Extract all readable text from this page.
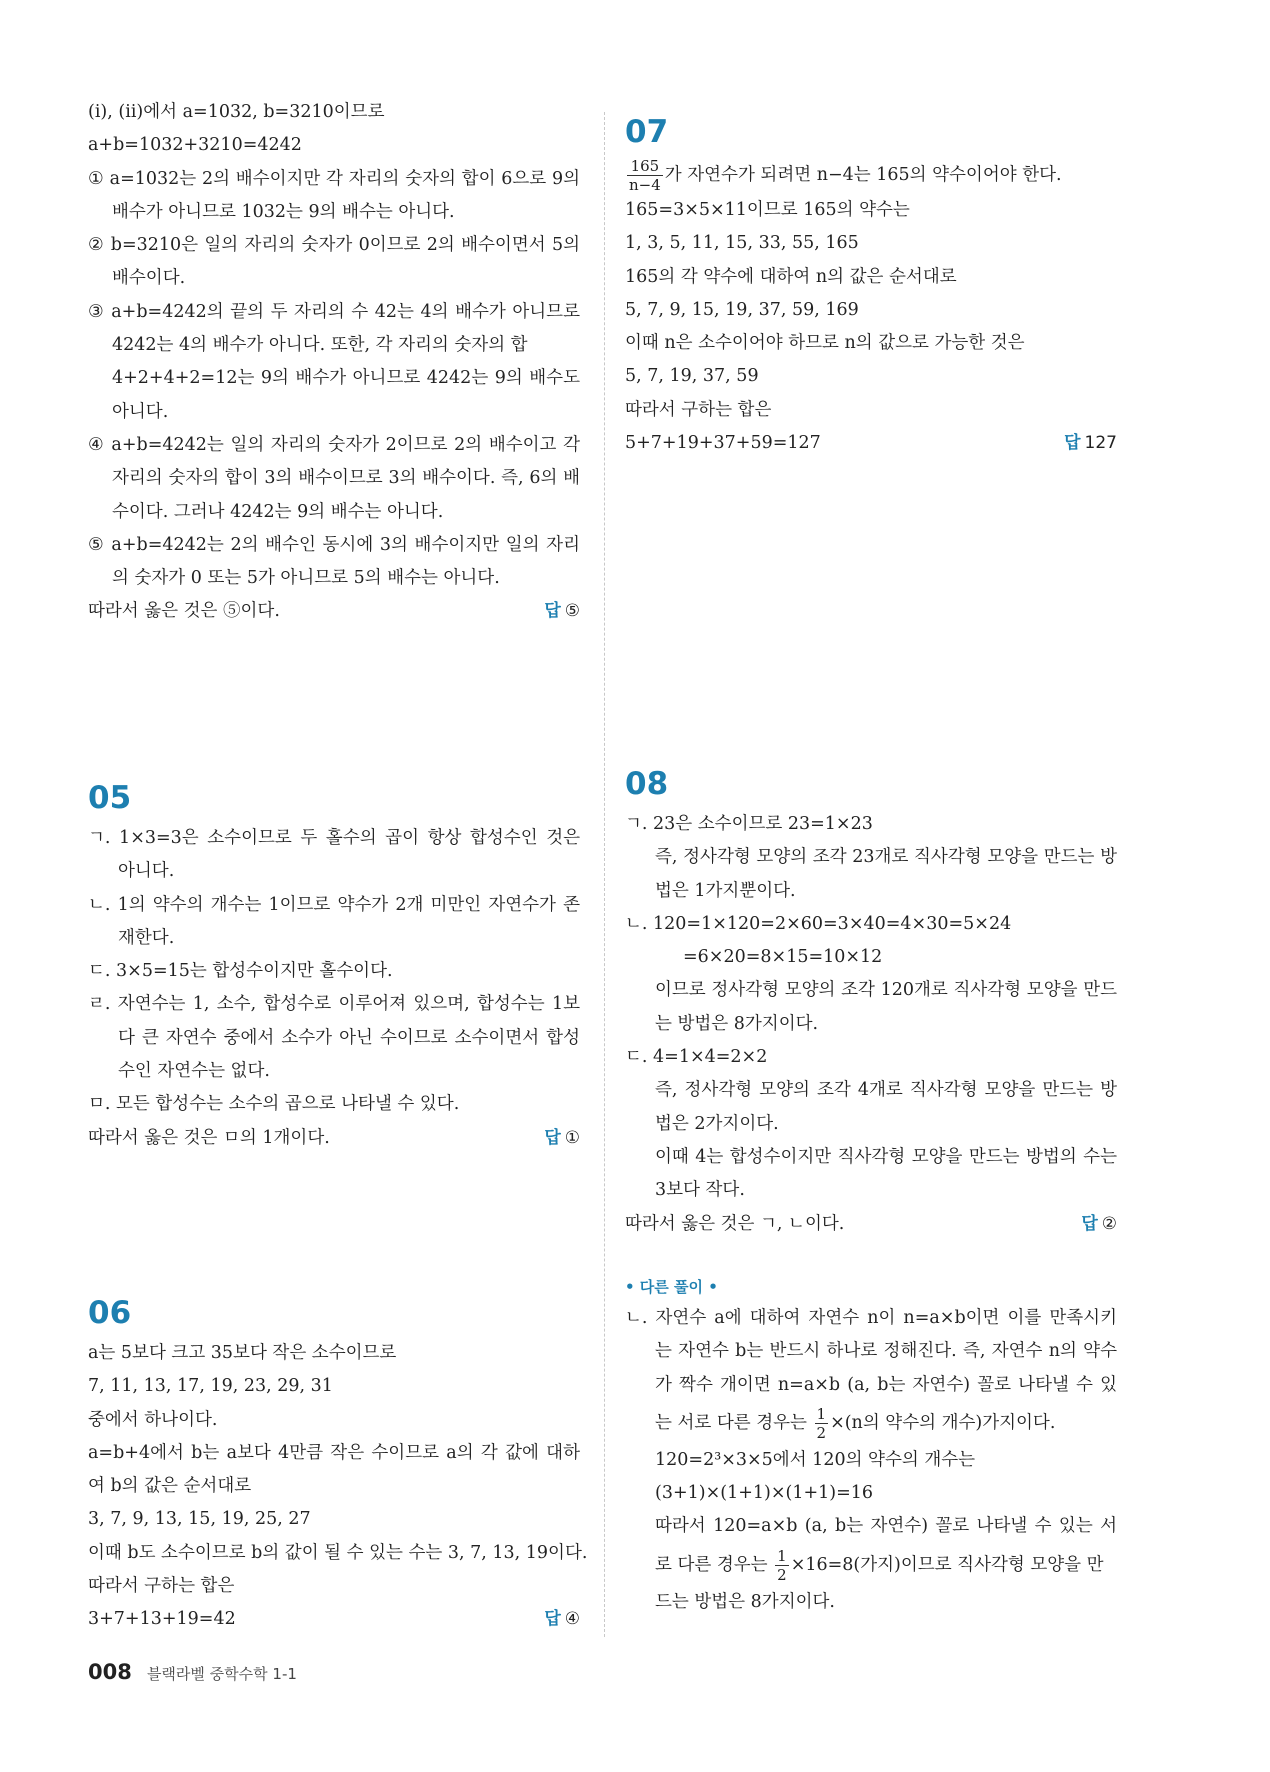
(ⅰ), (ⅱ)에서 a=1032, b=3210이므로
a+b=1032+3210=4242
① a=1032는 2의 배수이지만 각 자리의 숫자의 합이 6으로 9의
배수가 아니므로 1032는 9의 배수는 아니다.
② b=3210은 일의 자리의 숫자가 0이므로 2의 배수이면서 5의
배수이다.
③ a+b=4242의 끝의 두 자리의 수 42는 4의 배수가 아니므로
4242는 4의 배수가 아니다. 또한, 각 자리의 숫자의 합
4+2+4+2=12는 9의 배수가 아니므로 4242는 9의 배수도
아니다.
④ a+b=4242는 일의 자리의 숫자가 2이므로 2의 배수이고 각
자리의 숫자의 합이 3의 배수이므로 3의 배수이다. 즉, 6의 배
수이다. 그러나 4242는 9의 배수는 아니다.
⑤ a+b=4242는 2의 배수인 동시에 3의 배수이지만 일의 자리
의 숫자가 0 또는 5가 아니므로 5의 배수는 아니다.
따라서 옳은 것은 ⑤이다.	답 ⑤
05
ㄱ. 1×3=3은 소수이므로 두 홀수의 곱이 항상 합성수인 것은
아니다.
ㄴ. 1의 약수의 개수는 1이므로 약수가 2개 미만인 자연수가 존
재한다.
ㄷ. 3×5=15는 합성수이지만 홀수이다.
ㄹ. 자연수는 1, 소수, 합성수로 이루어져 있으며, 합성수는 1보
다 큰 자연수 중에서 소수가 아닌 수이므로 소수이면서 합성
수인 자연수는 없다.
ㅁ. 모든 합성수는 소수의 곱으로 나타낼 수 있다.
따라서 옳은 것은 ㅁ의 1개이다.	답 ①
06
a는 5보다 크고 35보다 작은 소수이므로
7, 11, 13, 17, 19, 23, 29, 31
중에서 하나이다.
a=b+4에서 b는 a보다 4만큼 작은 수이므로 a의 각 값에 대하
여 b의 값은 순서대로
3, 7, 9, 13, 15, 19, 25, 27
이때 b도 소수이므로 b의 값이 될 수 있는 수는 3, 7, 13, 19이다.
따라서 구하는 합은
3+7+13+19=42	답 ④
07
$\frac{165}{n-4}$ 가 자연수가 되려면 n−4는 165의 약수이어야 한다.
165=3×5×11이므로 165의 약수는
1, 3, 5, 11, 15, 33, 55, 165
165의 각 약수에 대하여 n의 값은 순서대로
5, 7, 9, 15, 19, 37, 59, 169
이때 n은 소수이어야 하므로 n의 값으로 가능한 것은
5, 7, 19, 37, 59
따라서 구하는 합은
5+7+19+37+59=127	답 127
08
ㄱ. 23은 소수이므로 23=1×23
즉, 정사각형 모양의 조각 23개로 직사각형 모양을 만드는 방
법은 1가지뿐이다.
ㄴ. 120=1×120=2×60=3×40=4×30=5×24
=6×20=8×15=10×12
이므로 정사각형 모양의 조각 120개로 직사각형 모양을 만드
는 방법은 8가지이다.
ㄷ. 4=1×4=2×2
즉, 정사각형 모양의 조각 4개로 직사각형 모양을 만드는 방
법은 2가지이다.
이때 4는 합성수이지만 직사각형 모양을 만드는 방법의 수는
3보다 작다.
따라서 옳은 것은 ㄱ, ㄴ이다.	답 ②
• 다른 풀이 •
ㄴ. 자연수 a에 대하여 자연수 n이 n=a×b이면 이를 만족시키
는 자연수 b는 반드시 하나로 정해진다. 즉, 자연수 n의 약수
가 짝수 개이면 n=a×b (a, b는 자연수) 꼴로 나타낼 수 있
는 서로 다른 경우는 $\frac{1}{2} \times(n$의 약수의 개수)가지이다.
120=2³×3×5에서 120의 약수의 개수는
(3+1)×(1+1)×(1+1)=16
따라서 120=a×b (a, b는 자연수) 꼴로 나타낼 수 있는 서
로 다른 경우는 $\frac{1}{2} \times 16=8$(가지)이므로 직사각형 모양을 만
드는 방법은 8가지이다.
008 블랙라벨 중학수학 1-1
